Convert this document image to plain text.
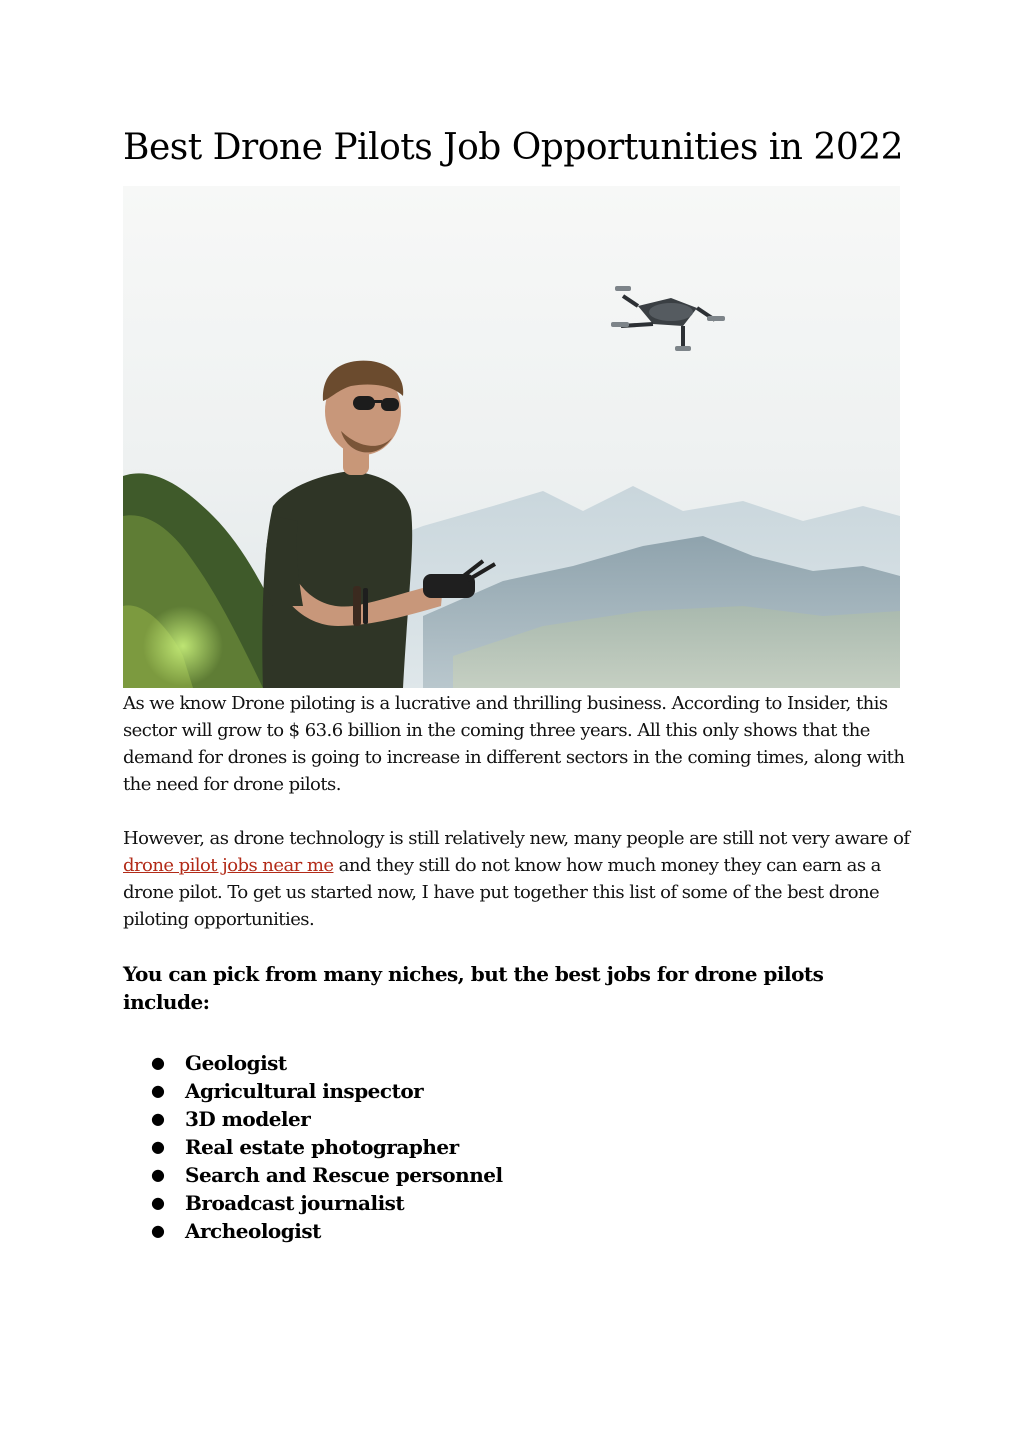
Best Drone Pilots Job Opportunities in 2022

As we know Drone piloting is a lucrative and thrilling business. According to Insider, this sector will grow to $ 63.6 billion in the coming three years. All this only shows that the demand for drones is going to increase in different sectors in the coming times, along with the need for drone pilots.

However, as drone technology is still relatively new, many people are still not very aware of drone pilot jobs near me and they still do not know how much money they can earn as a drone pilot. To get us started now, I have put together this list of some of the best drone piloting opportunities.

You can pick from many niches, but the best jobs for drone pilots include:

● Geologist
● Agricultural inspector
● 3D modeler
● Real estate photographer
● Search and Rescue personnel
● Broadcast journalist
● Archeologist
